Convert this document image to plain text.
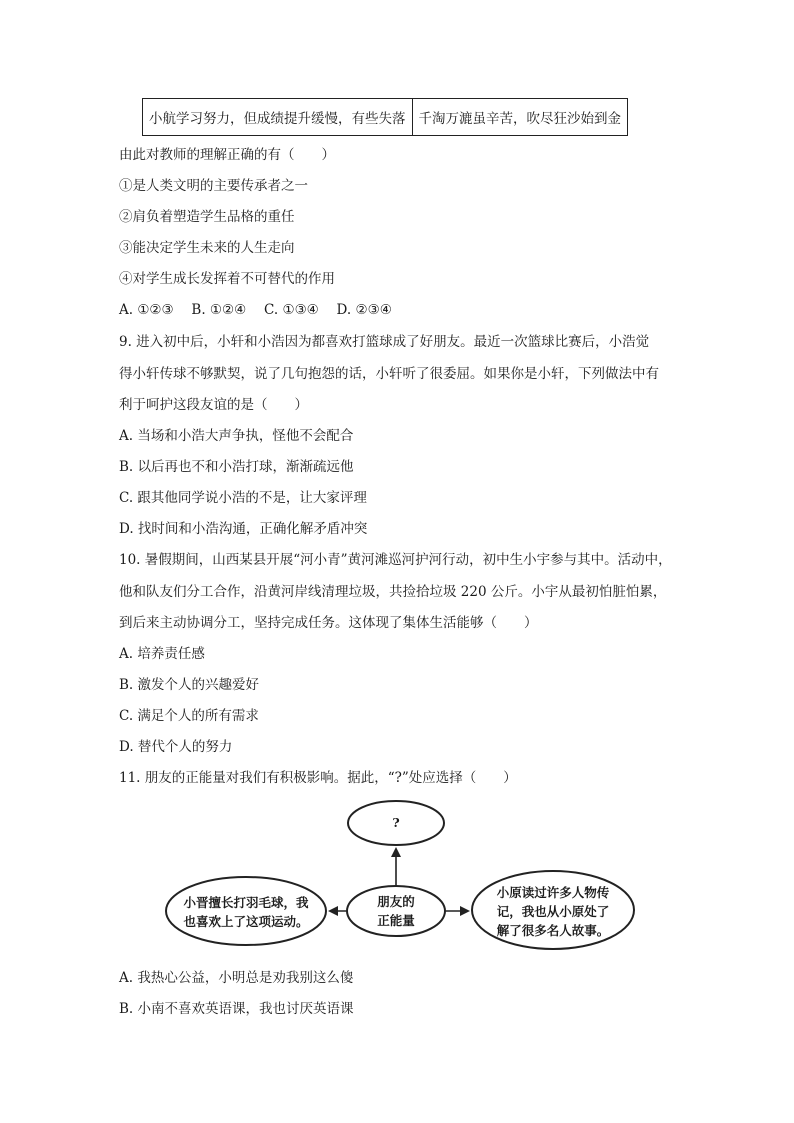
小航学习努力，但成绩提升缓慢，有些失落	千淘万漉虽辛苦，吹尽狂沙始到金
由此对教师的理解正确的有（　　）
①是人类文明的主要传承者之一
②肩负着塑造学生品格的重任
③能决定学生未来的人生走向
④对学生成长发挥着不可替代的作用
A. ①②③　 B. ①②④　 C. ①③④　 D. ②③④
9. 进入初中后，小轩和小浩因为都喜欢打篮球成了好朋友。最近一次篮球比赛后，小浩觉
得小轩传球不够默契，说了几句抱怨的话，小轩听了很委屈。如果你是小轩，下列做法中有
利于呵护这段友谊的是（　　）
A. 当场和小浩大声争执，怪他不会配合
B. 以后再也不和小浩打球，渐渐疏远他
C. 跟其他同学说小浩的不是，让大家评理
D. 找时间和小浩沟通，正确化解矛盾冲突
10. 暑假期间，山西某县开展“河小青”黄河滩巡河护河行动，初中生小宇参与其中。活动中，
他和队友们分工合作，沿黄河岸线清理垃圾，共捡拾垃圾 220 公斤。小宇从最初怕脏怕累，
到后来主动协调分工，坚持完成任务。这体现了集体生活能够（　　）
A. 培养责任感
B. 激发个人的兴趣爱好
C. 满足个人的所有需求
D. 替代个人的努力
11. 朋友的正能量对我们有积极影响。据此，“?”处应选择（　　）
?
朋友的
正能量
小晋擅长打羽毛球，我
也喜欢上了这项运动。
小原读过许多人物传
记，我也从小原处了
解了很多名人故事。
A. 我热心公益，小明总是劝我别这么傻
B. 小南不喜欢英语课，我也讨厌英语课
